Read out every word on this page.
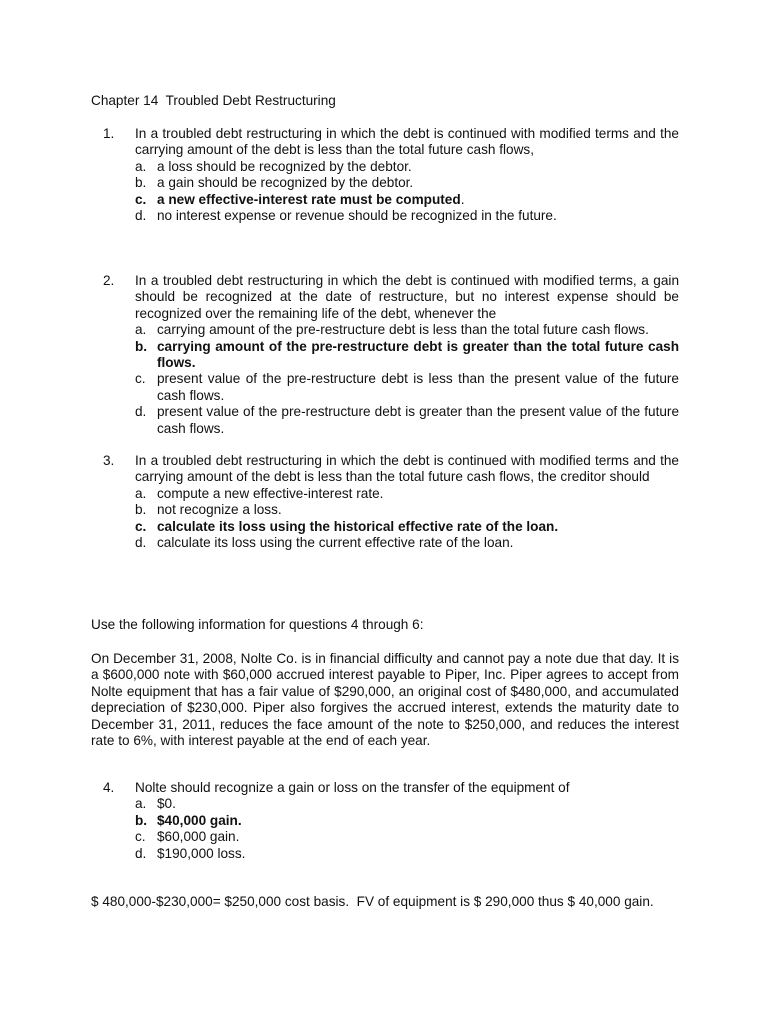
Chapter 14  Troubled Debt Restructuring
1. In a troubled debt restructuring in which the debt is continued with modified terms and the carrying amount of the debt is less than the total future cash flows,
a. a loss should be recognized by the debtor.
b. a gain should be recognized by the debtor.
c. a new effective-interest rate must be computed.
d. no interest expense or revenue should be recognized in the future.
2. In a troubled debt restructuring in which the debt is continued with modified terms, a gain should be recognized at the date of restructure, but no interest expense should be recognized over the remaining life of the debt, whenever the
a. carrying amount of the pre-restructure debt is less than the total future cash flows.
b. carrying amount of the pre-restructure debt is greater than the total future cash flows.
c. present value of the pre-restructure debt is less than the present value of the future cash flows.
d. present value of the pre-restructure debt is greater than the present value of the future cash flows.
3. In a troubled debt restructuring in which the debt is continued with modified terms and the carrying amount of the debt is less than the total future cash flows, the creditor should
a. compute a new effective-interest rate.
b. not recognize a loss.
c. calculate its loss using the historical effective rate of the loan.
d. calculate its loss using the current effective rate of the loan.
Use the following information for questions 4 through 6:
On December 31, 2008, Nolte Co. is in financial difficulty and cannot pay a note due that day. It is a $600,000 note with $60,000 accrued interest payable to Piper, Inc. Piper agrees to accept from Nolte equipment that has a fair value of $290,000, an original cost of $480,000, and accumulated depreciation of $230,000. Piper also forgives the accrued interest, extends the maturity date to December 31, 2011, reduces the face amount of the note to $250,000, and reduces the interest rate to 6%, with interest payable at the end of each year.
4. Nolte should recognize a gain or loss on the transfer of the equipment of
a. $0.
b. $40,000 gain.
c. $60,000 gain.
d. $190,000 loss.
$ 480,000-$230,000= $250,000 cost basis.  FV of equipment is $ 290,000 thus $ 40,000 gain.
